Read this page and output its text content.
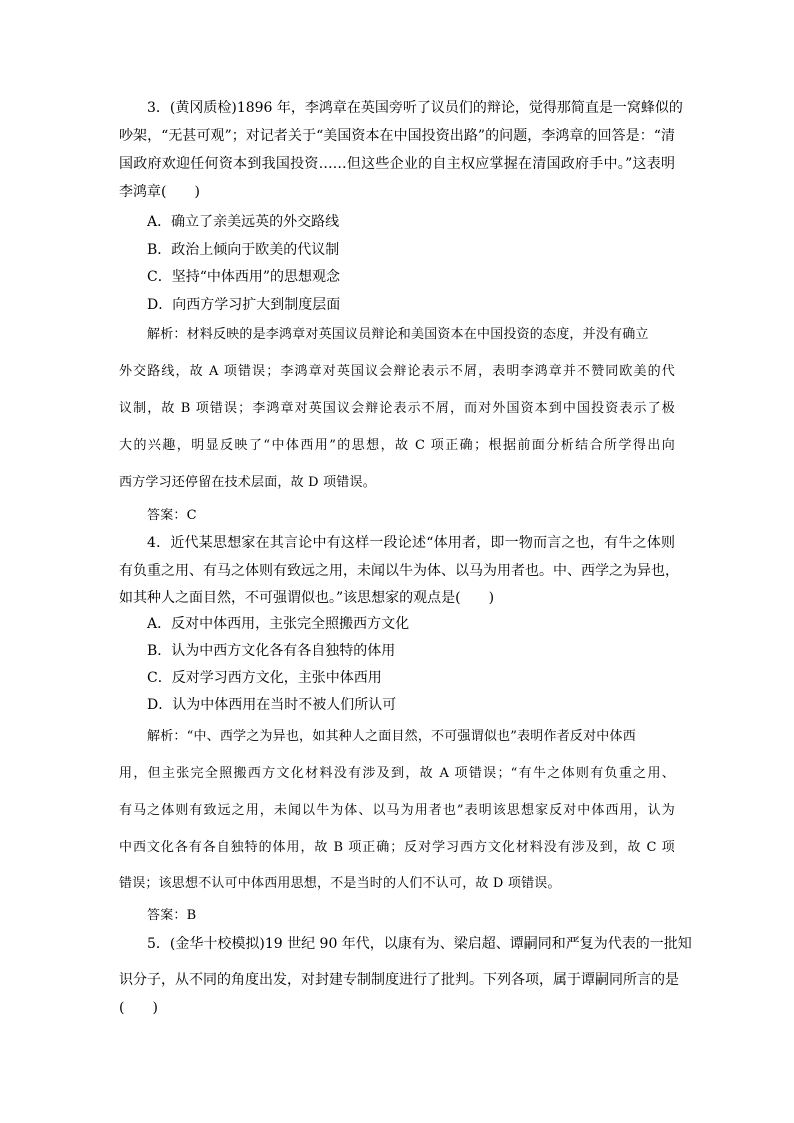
3．(黄冈质检)1896 年，李鸿章在英国旁听了议员们的辩论，觉得那简直是一窝蜂似的
吵架，“无甚可观”；对记者关于“美国资本在中国投资出路”的问题，李鸿章的回答是：“清
国政府欢迎任何资本到我国投资……但这些企业的自主权应掌握在清国政府手中。”这表明
李鸿章(　　)
A．确立了亲美远英的外交路线
B．政治上倾向于欧美的代议制
C．坚持“中体西用”的思想观念
D．向西方学习扩大到制度层面
解析：材料反映的是李鸿章对英国议员辩论和美国资本在中国投资的态度，并没有确立
外交路线，故 A 项错误；李鸿章对英国议会辩论表示不屑，表明李鸿章并不赞同欧美的代
议制，故 B 项错误；李鸿章对英国议会辩论表示不屑，而对外国资本到中国投资表示了极
大的兴趣，明显反映了“中体西用”的思想，故 C 项正确；根据前面分析结合所学得出向
西方学习还停留在技术层面，故 D 项错误。
答案：C
4．近代某思想家在其言论中有这样一段论述“体用者，即一物而言之也，有牛之体则
有负重之用、有马之体则有致远之用，未闻以牛为体、以马为用者也。中、西学之为异也，
如其种人之面目然，不可强谓似也。”该思想家的观点是(　　)
A．反对中体西用，主张完全照搬西方文化
B．认为中西方文化各有各自独特的体用
C．反对学习西方文化，主张中体西用
D．认为中体西用在当时不被人们所认可
解析：“中、西学之为异也，如其种人之面目然，不可强谓似也”表明作者反对中体西
用，但主张完全照搬西方文化材料没有涉及到，故 A 项错误；“有牛之体则有负重之用、
有马之体则有致远之用，未闻以牛为体、以马为用者也”表明该思想家反对中体西用，认为
中西文化各有各自独特的体用，故 B 项正确；反对学习西方文化材料没有涉及到，故 C 项
错误；该思想不认可中体西用思想，不是当时的人们不认可，故 D 项错误。
答案：B
5．(金华十校模拟)19 世纪 90 年代，以康有为、梁启超、谭嗣同和严复为代表的一批知
识分子，从不同的角度出发，对封建专制制度进行了批判。下列各项，属于谭嗣同所言的是
(　　)
